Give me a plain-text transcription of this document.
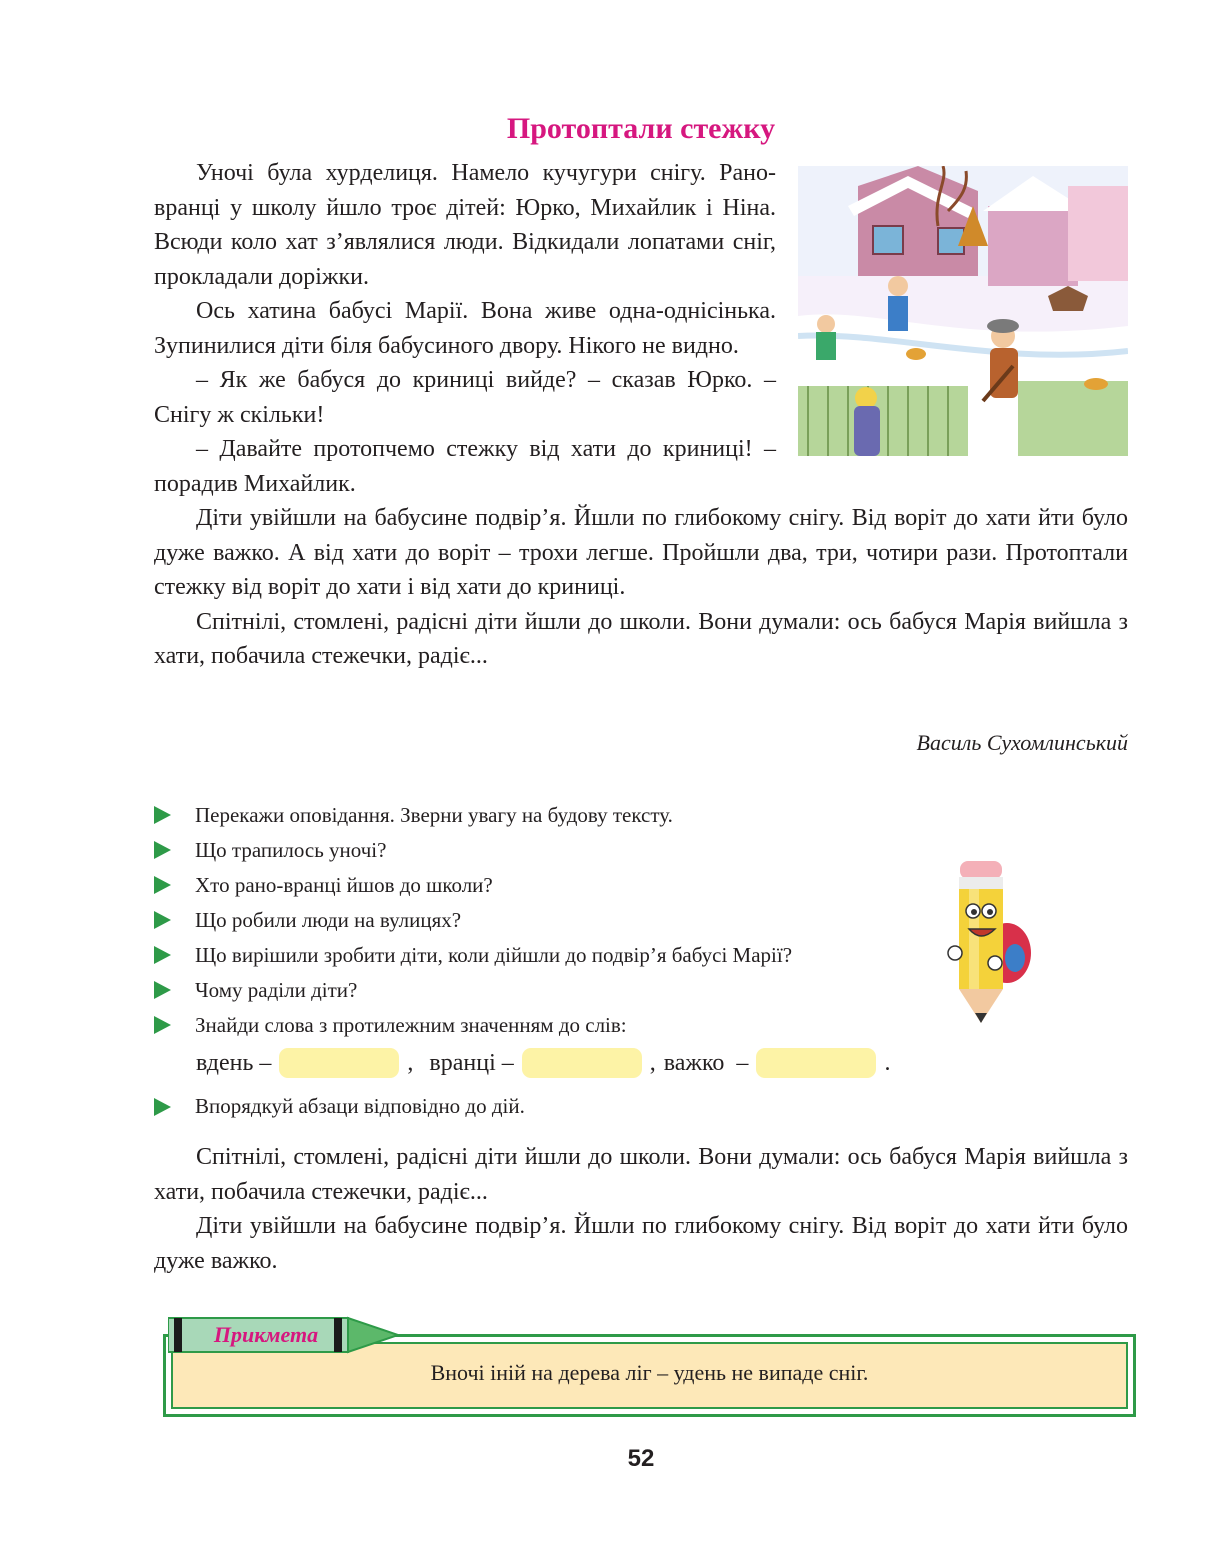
Протоптали стежку

Уночі була хурделиця. Намело кучугури снігу. Рано-вранці у школу йшло троє дітей: Юрко, Михайлик і Ніна. Всюди коло хат з’являлися люди. Відкидали лопатами сніг, прокладали доріжки.

Ось хатина бабусі Марії. Вона живе одна-однісінька. Зупинилися діти біля бабусиного двору. Нікого не видно.

– Як же бабуся до криниці вийде? – сказав Юрко. – Снігу ж скільки!

– Давайте протопчемо стежку від хати до криниці! – порадив Михайлик.

Діти увійшли на бабусине подвір’я. Йшли по глибокому снігу. Від воріт до хати йти було дуже важко. А від хати до воріт – трохи легше. Пройшли два, три, чотири рази. Протоптали стежку від воріт до хати і від хати до криниці.

Спітнілі, стомлені, радісні діти йшли до школи. Вони думали: ось бабуся Марія вийшла з хати, побачила стежечки, радіє...

Василь Сухомлинський
Перекажи оповідання. Зверни увагу на будову тексту.
Що трапилось уночі?
Хто рано-вранці йшов до школи?
Що робили люди на вулицях?
Що вирішили зробити діти, коли дійшли до подвір’я бабусі Марії?
Чому раділи діти?
Знайди слова з протилежним значенням до слів:
вдень –	, вранці –	, важко  –	.
Впорядкуй абзаци відповідно до дій.

Спітнілі, стомлені, радісні діти йшли до школи. Вони думали: ось бабуся Марія вийшла з хати, побачила стежечки, радіє...

Діти увійшли на бабусине подвір’я. Йшли по глибокому снігу. Від воріт до хати йти було дуже важко.

Прикмета
Вночі іній на дерева ліг – удень не випаде сніг.
52
